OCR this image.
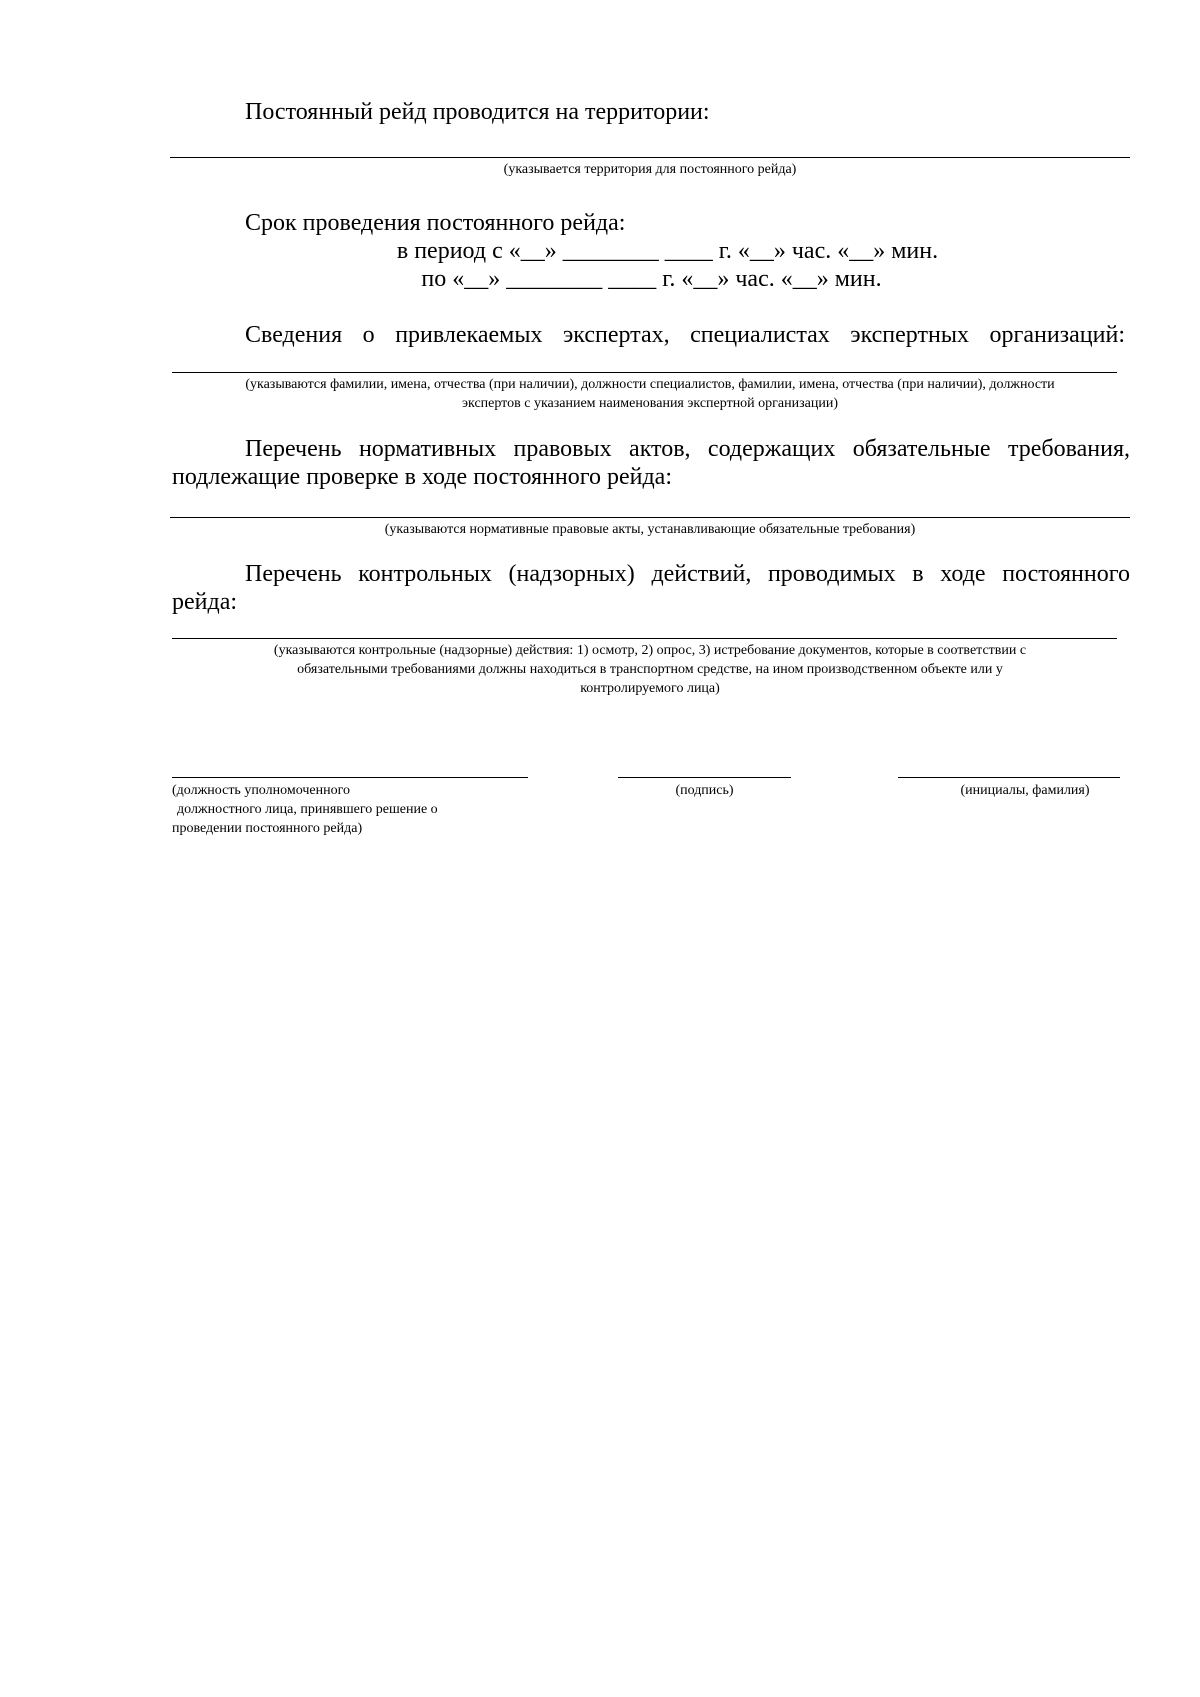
Постоянный рейд проводится на территории:
(указывается территория для постоянного рейда)
Срок проведения постоянного рейда:
в период с «__» ________ ____ г. «__» час. «__» мин.
по «__» ________ ____ г. «__» час. «__» мин.
Сведения о привлекаемых экспертах, специалистах экспертных организаций:
(указываются фамилии, имена, отчества (при наличии), должности специалистов, фамилии, имена, отчества (при наличии), должности
экспертов с указанием наименования экспертной организации)
Перечень нормативных правовых актов, содержащих обязательные требования,
подлежащие проверке в ходе постоянного рейда:
(указываются нормативные правовые акты, устанавливающие обязательные требования)
Перечень контрольных (надзорных) действий, проводимых в ходе постоянного
рейда:
(указываются контрольные (надзорные) действия: 1) осмотр, 2) опрос, 3) истребование документов, которые в соответствии с
обязательными требованиями должны находиться в транспортном средстве, на ином производственном объекте или у
контролируемого лица)
(должность уполномоченного
должностного лица, принявшего решение о
проведении постоянного рейда)
(подпись)	(инициалы, фамилия)
